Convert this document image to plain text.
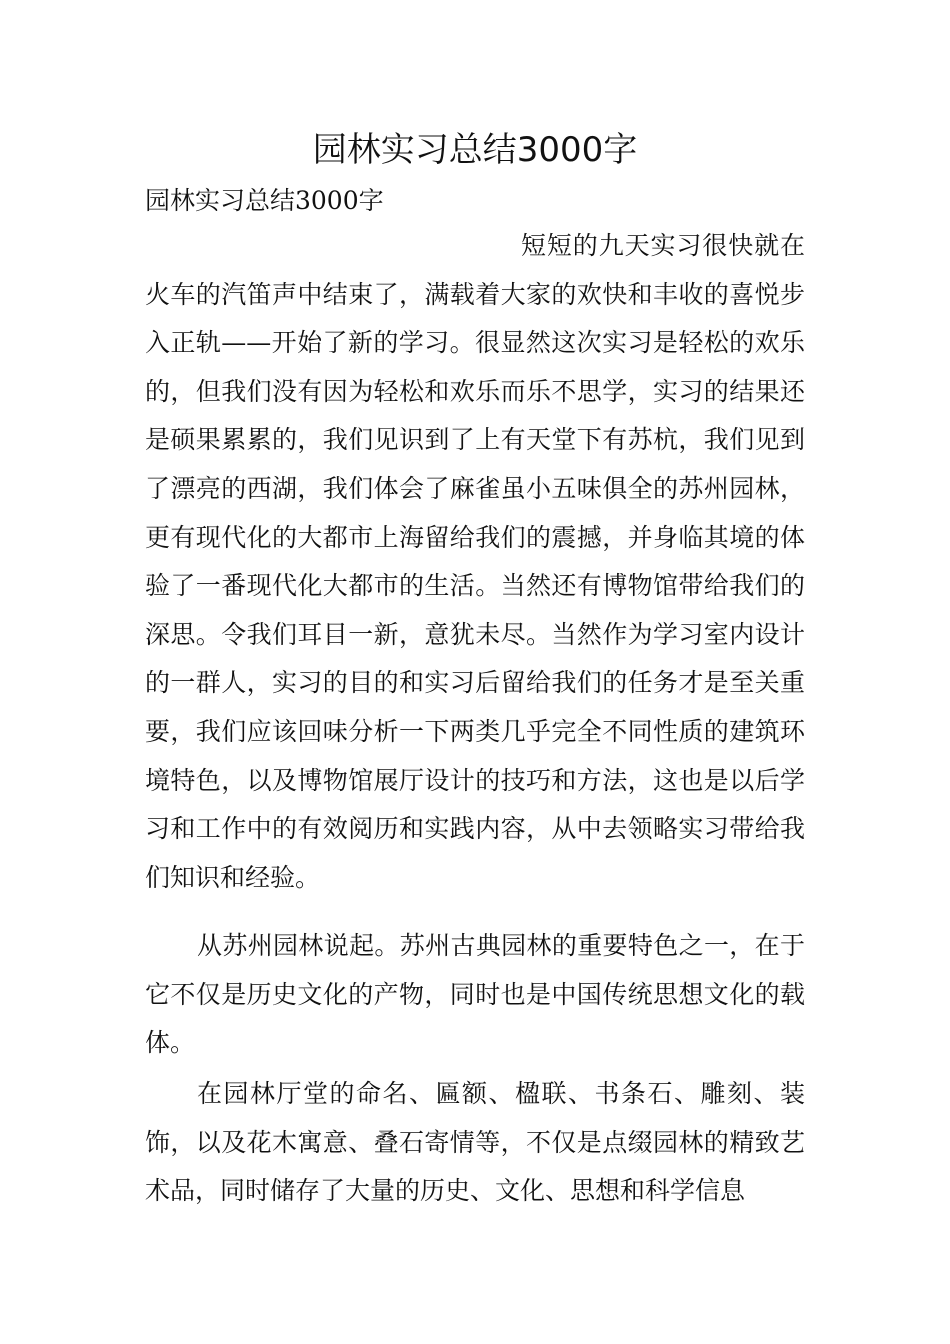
园林实习总结3000字

园林实习总结3000字

短短的九天实习很快就在火车的汽笛声中结束了，满载着大家的欢快和丰收的喜悦步入正轨——开始了新的学习。很显然这次实习是轻松的欢乐的，但我们没有因为轻松和欢乐而乐不思学，实习的结果还是硕果累累的，我们见识到了上有天堂下有苏杭，我们见到了漂亮的西湖，我们体会了麻雀虽小五味俱全的苏州园林，更有现代化的大都市上海留给我们的震撼，并身临其境的体验了一番现代化大都市的生活。当然还有博物馆带给我们的深思。令我们耳目一新，意犹未尽。当然作为学习室内设计的一群人，实习的目的和实习后留给我们的任务才是至关重要，我们应该回味分析一下两类几乎完全不同性质的建筑环境特色，以及博物馆展厅设计的技巧和方法，这也是以后学习和工作中的有效阅历和实践内容，从中去领略实习带给我们知识和经验。

从苏州园林说起。苏州古典园林的重要特色之一，在于它不仅是历史文化的产物，同时也是中国传统思想文化的载体。

在园林厅堂的命名、匾额、楹联、书条石、雕刻、装饰，以及花木寓意、叠石寄情等，不仅是点缀园林的精致艺术品，同时储存了大量的历史、文化、思想和科学信息
